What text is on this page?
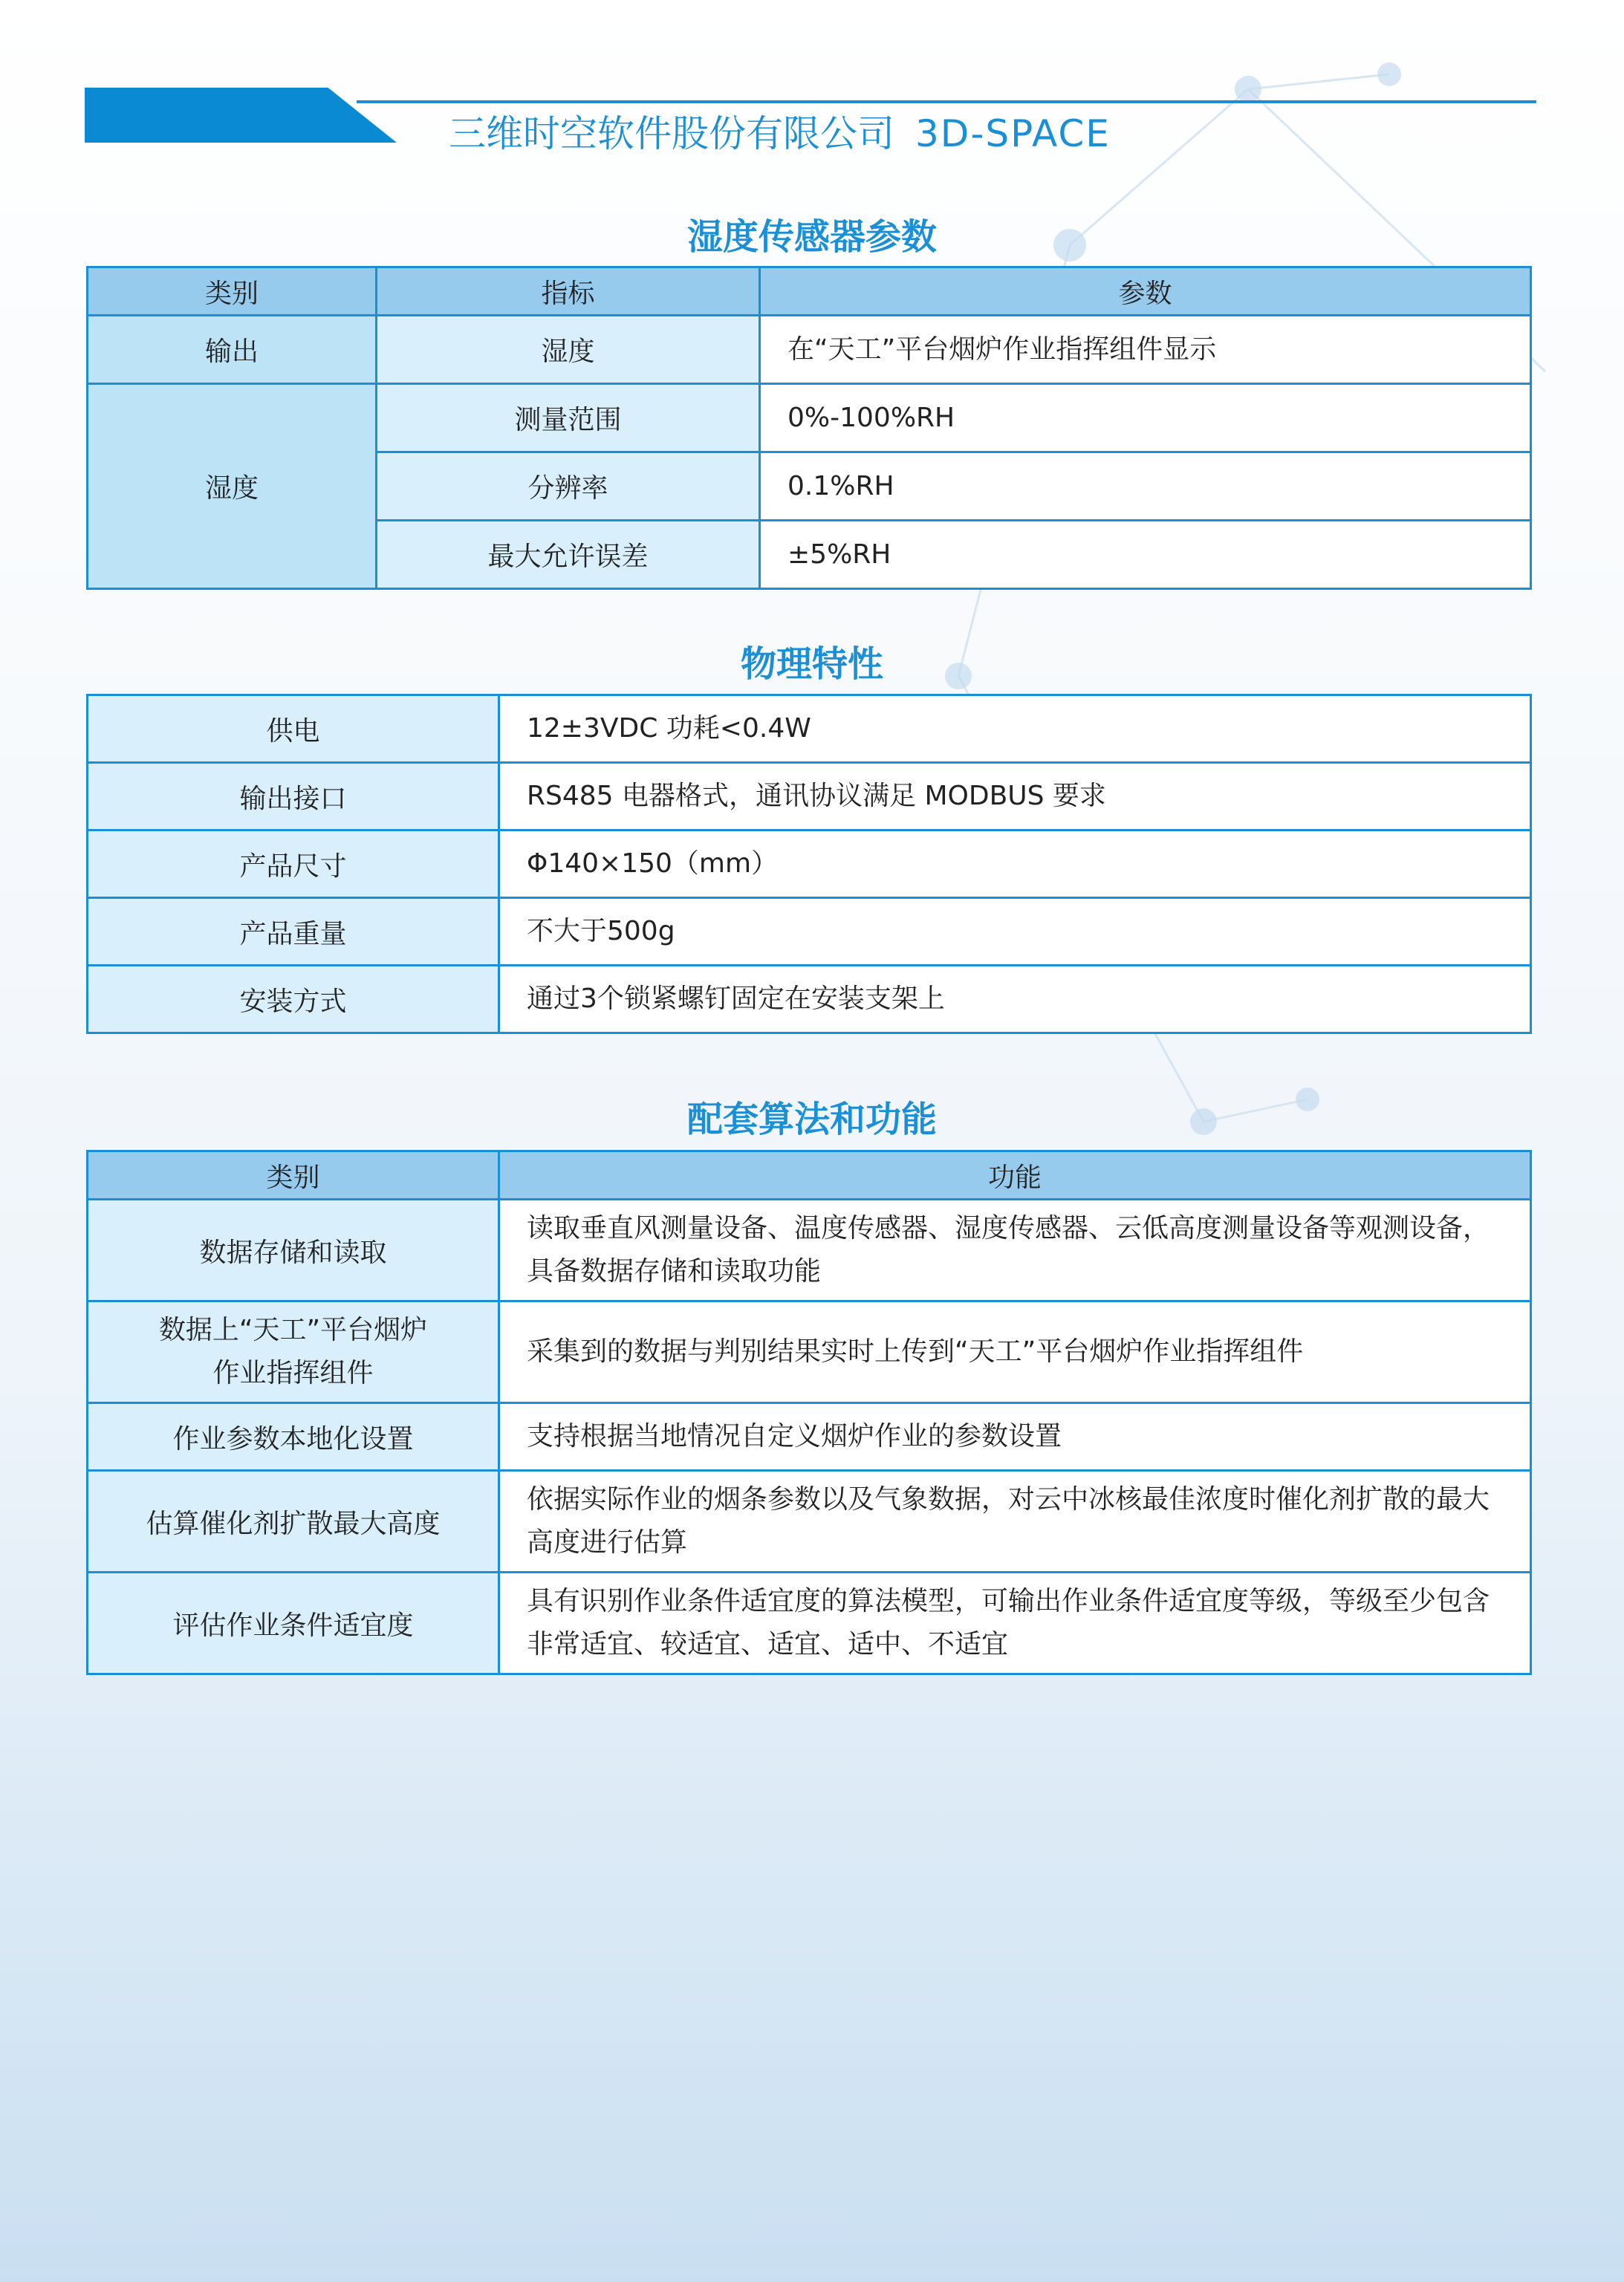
三维时空软件股份有限公司 3D-SPACE
湿度传感器参数
类别	指标	参数
输出	湿度	在“天工”平台烟炉作业指挥组件显示
湿度	测量范围	0%-100%RH
	分辨率	0.1%RH
	最大允许误差	±5%RH
物理特性
供电	12±3VDC 功耗<0.4W
输出接口	RS485 电器格式，通讯协议满足 MODBUS 要求
产品尺寸	Φ140×150（mm）
产品重量	不大于500g
安装方式	通过3个锁紧螺钉固定在安装支架上
配套算法和功能
类别	功能
数据存储和读取	读取垂直风测量设备、温度传感器、湿度传感器、云低高度测量设备等观测设备，具备数据存储和读取功能
数据上“天工”平台烟炉作业指挥组件	采集到的数据与判别结果实时上传到“天工”平台烟炉作业指挥组件
作业参数本地化设置	支持根据当地情况自定义烟炉作业的参数设置
估算催化剂扩散最大高度	依据实际作业的烟条参数以及气象数据，对云中冰核最佳浓度时催化剂扩散的最大高度进行估算
评估作业条件适宜度	具有识别作业条件适宜度的算法模型，可输出作业条件适宜度等级，等级至少包含非常适宜、较适宜、适宜、适中、不适宜
